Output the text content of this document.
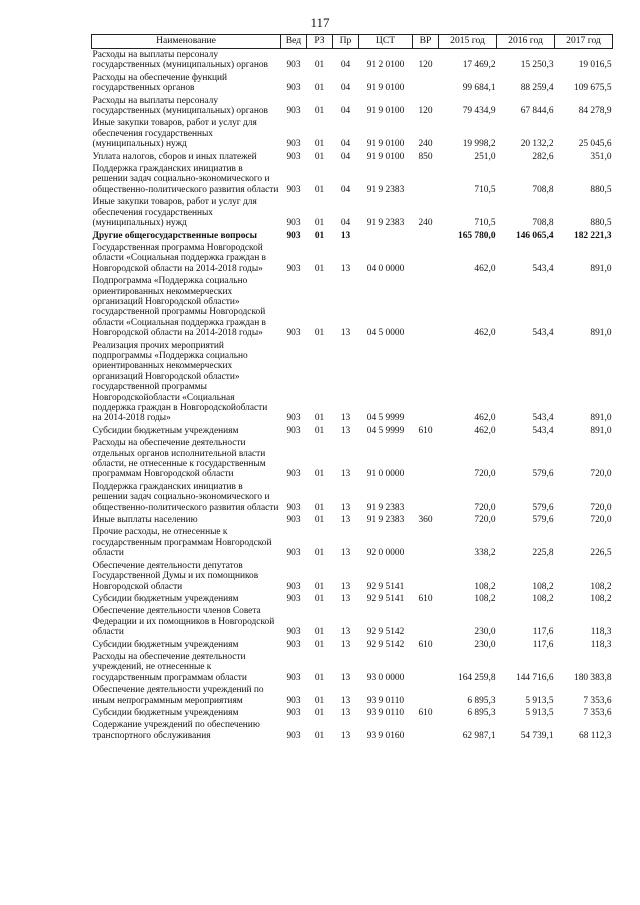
117
Наименование	Вед	РЗ	Пр	ЦСТ	ВР	2015 год	2016 год	2017 год
Расходы на выплаты персоналу государственных (муниципальных) органов	903	01	04	91 2 0100	120	17 469,2	15 250,3	19 016,5
Расходы на обеспечение функций государственных органов	903	01	04	91 9 0100		99 684,1	88 259,4	109 675,5
Расходы на выплаты персоналу государственных (муниципальных) органов	903	01	04	91 9 0100	120	79 434,9	67 844,6	84 278,9
Иные закупки товаров, работ и услуг для обеспечения государственных (муниципальных) нужд	903	01	04	91 9 0100	240	19 998,2	20 132,2	25 045,6
Уплата налогов, сборов и иных платежей	903	01	04	91 9 0100	850	251,0	282,6	351,0
Поддержка гражданских инициатив в решении задач социально-экономического и общественно-политического развития области	903	01	04	91 9 2383		710,5	708,8	880,5
Иные закупки товаров, работ и услуг для обеспечения государственных (муниципальных) нужд	903	01	04	91 9 2383	240	710,5	708,8	880,5
Другие общегосударственные вопросы	903	01	13			165 780,0	146 065,4	182 221,3
Государственная программа Новгородской области «Социальная поддержка граждан в Новгородской области на 2014-2018 годы»	903	01	13	04 0 0000		462,0	543,4	891,0
Подпрограмма «Поддержка социально ориентированных некоммерческих организаций Новгородской области» государственной программы Новгородской области «Социальная поддержка граждан в Новгородской области на 2014-2018 годы»	903	01	13	04 5 0000		462,0	543,4	891,0
Реализация прочих мероприятий подпрограммы «Поддержка социально ориентированных некоммерческих организаций Новгородской области» государственной программы Новгородскойобласти «Социальная поддержка граждан в Новгородскойобласти на 2014-2018 годы»	903	01	13	04 5 9999		462,0	543,4	891,0
Субсидии бюджетным учреждениям	903	01	13	04 5 9999	610	462,0	543,4	891,0
Расходы на обеспечение деятельности отдельных органов исполнительной власти области, не отнесенные к государственным программам Новгородской области	903	01	13	91 0 0000		720,0	579,6	720,0
Поддержка гражданских инициатив в решении задач социально-экономического и общественно-политического развития области	903	01	13	91 9 2383		720,0	579,6	720,0
Иные выплаты населению	903	01	13	91 9 2383	360	720,0	579,6	720,0
Прочие расходы, не отнесенные к государственным программам Новгородской области	903	01	13	92 0 0000		338,2	225,8	226,5
Обеспечение деятельности депутатов Государственной Думы и их помощников Новгородской области	903	01	13	92 9 5141		108,2	108,2	108,2
Субсидии бюджетным учреждениям	903	01	13	92 9 5141	610	108,2	108,2	108,2
Обеспечение деятельности членов Совета Федерации и их помощников в Новгородской области	903	01	13	92 9 5142		230,0	117,6	118,3
Субсидии бюджетным учреждениям	903	01	13	92 9 5142	610	230,0	117,6	118,3
Расходы на обеспечение деятельности учреждений, не отнесенные к государственным программам области	903	01	13	93 0 0000		164 259,8	144 716,6	180 383,8
Обеспечение деятельности учреждений по иным непрограммным мероприятиям	903	01	13	93 9 0110		6 895,3	5 913,5	7 353,6
Субсидии бюджетным учреждениям	903	01	13	93 9 0110	610	6 895,3	5 913,5	7 353,6
Содержание учреждений по обеспечению транспортного обслуживания	903	01	13	93 9 0160		62 987,1	54 739,1	68 112,3
